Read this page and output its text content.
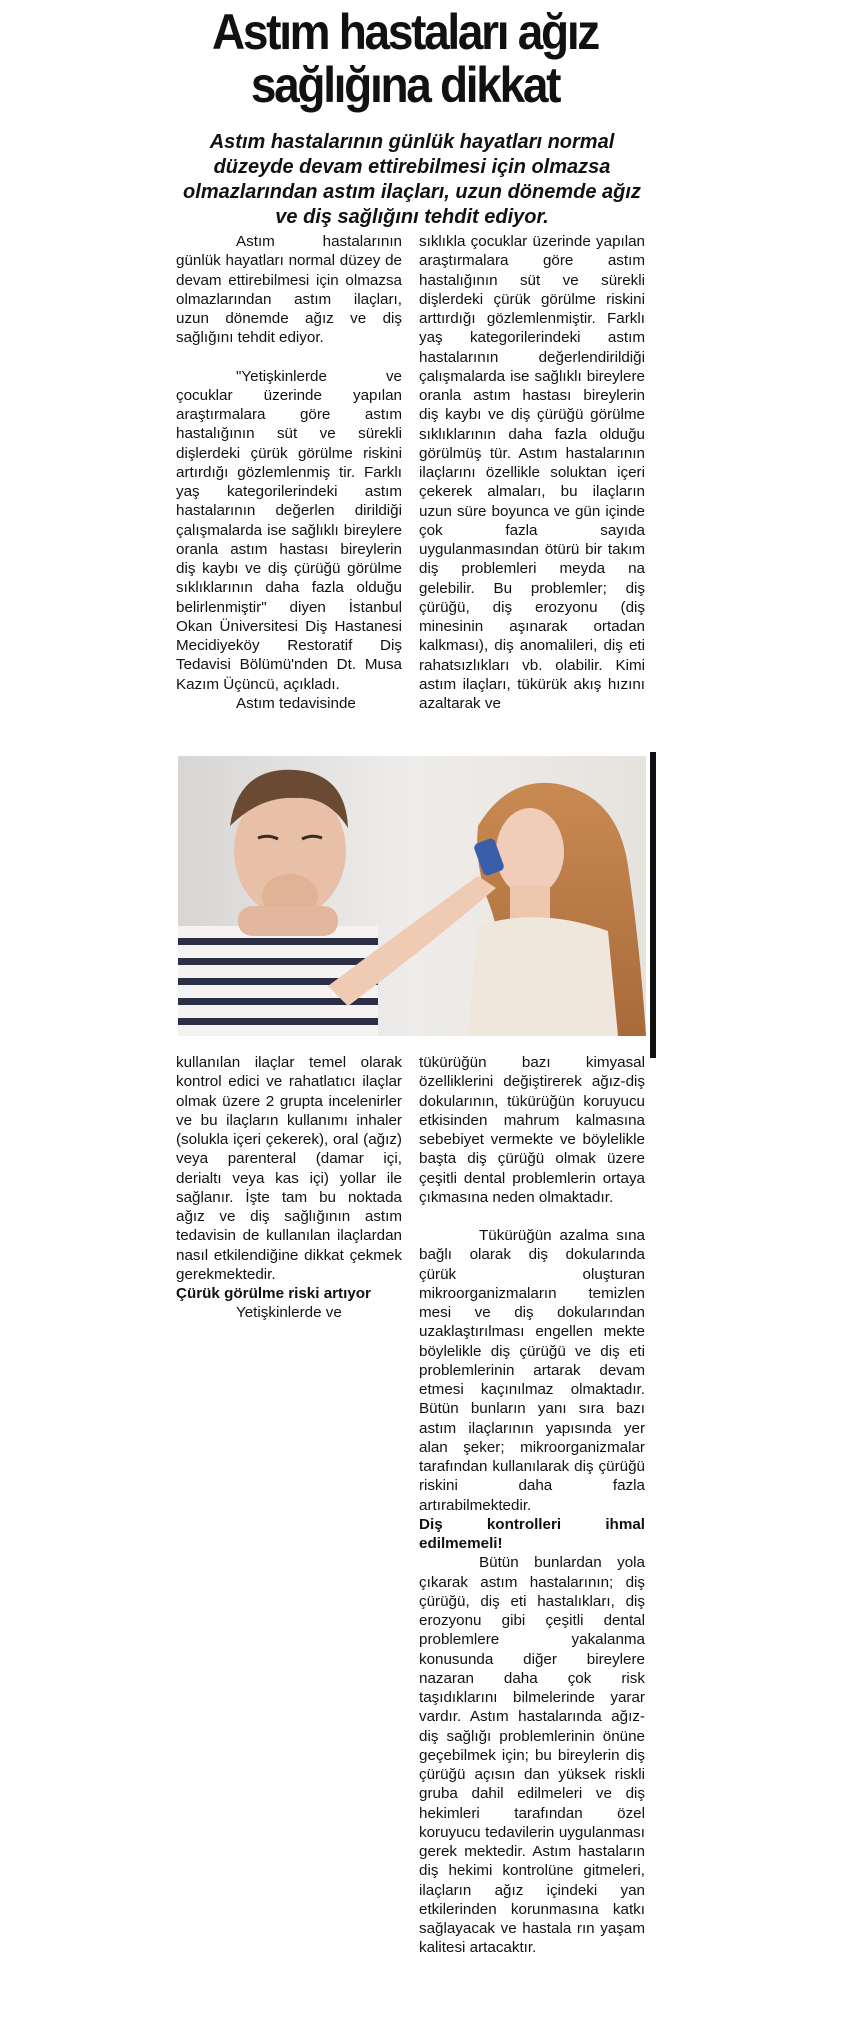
Astım hastaları ağız sağlığına dikkat
Astım hastalarının günlük hayatları normal düzeyde devam ettirebilmesi için olmazsa olmazlarından astım ilaçları, uzun dönemde ağız ve diş sağlığını tehdit ediyor.

Astım hastalarının günlük hayatları normal düzey de devam ettirebilmesi için olmazsa olmazlarından astım ilaçları, uzun dönemde ağız ve diş sağlığını tehdit ediyor.

"Yetişkinlerde ve çocuklar üzerinde yapılan araştırmalara göre astım hastalığının süt ve sürekli dişlerdeki çürük görülme riskini artırdığı gözlemlenmiş tir. Farklı yaş kategorilerindeki astım hastalarının değerlen dirildiği çalışmalarda ise sağlıklı bireylere oranla astım hastası bireylerin diş kaybı ve diş çürüğü görülme sıklıklarının daha fazla olduğu belirlenmiştir" diyen İstanbul Okan Üniversitesi Diş Hastanesi Mecidiyeköy Restoratif Diş Tedavisi Bölümü'nden Dt. Musa Kazım Üçüncü, açıkladı.

Astım tedavisinde

sıklıkla çocuklar üzerinde yapılan araştırmalara göre astım hastalığının süt ve sürekli dişlerdeki çürük görülme riskini arttırdığı gözlemlenmiştir. Farklı yaş kategorilerindeki astım hastalarının değerlendirildiği çalışmalarda ise sağlıklı bireylere oranla astım hastası bireylerin diş kaybı ve diş çürüğü görülme sıklıklarının daha fazla olduğu görülmüş tür. Astım hastalarının ilaçlarını özellikle soluktan içeri çekerek almaları, bu ilaçların uzun süre boyunca ve gün içinde çok fazla sayıda uygulanmasından ötürü bir takım diş problemleri meyda na gelebilir. Bu problemler; diş çürüğü, diş erozyonu (diş minesinin aşınarak ortadan kalkması), diş anomalileri, diş eti rahatsızlıkları vb. olabilir. Kimi astım ilaçları, tükürük akış hızını azaltarak ve

kullanılan ilaçlar temel olarak kontrol edici ve rahatlatıcı ilaçlar olmak üzere 2 grupta incelenirler ve bu ilaçların kullanımı inhaler (solukla içeri çekerek), oral (ağız) veya parenteral (damar içi, derialtı veya kas içi) yollar ile sağlanır. İşte tam bu noktada ağız ve diş sağlığının astım tedavisin de kullanılan ilaçlardan nasıl etkilendiğine dikkat çekmek gerekmektedir.

Çürük görülme riski artıyor

Yetişkinlerde ve

tükürüğün bazı kimyasal özelliklerini değiştirerek ağız-diş dokularının, tükürüğün koruyucu etkisinden mahrum kalmasına sebebiyet vermekte ve böylelikle başta diş çürüğü olmak üzere çeşitli dental problemlerin ortaya çıkmasına neden olmaktadır.

Tükürüğün azalma sına bağlı olarak diş dokularında çürük oluşturan mikroorganizmaların temizlen mesi ve diş dokularından uzaklaştırılması engellen mekte böylelikle diş çürüğü ve diş eti problemlerinin artarak devam etmesi kaçınılmaz olmaktadır. Bütün bunların yanı sıra bazı astım ilaçlarının yapısında yer alan şeker; mikroorganizmalar tarafından kullanılarak diş çürüğü riskini daha fazla artırabilmektedir.

Diş kontrolleri ihmal edilmemeli!

Bütün bunlardan yola çıkarak astım hastalarının; diş çürüğü, diş eti hastalıkları, diş erozyonu gibi çeşitli dental problemlere yakalanma konusunda diğer bireylere nazaran daha çok risk taşıdıklarını bilmelerinde yarar vardır. Astım hastalarında ağız-diş sağlığı problemlerinin önüne geçebilmek için; bu bireylerin diş çürüğü açısın dan yüksek riskli gruba dahil edilmeleri ve diş hekimleri tarafından özel koruyucu tedavilerin uygulanması gerek mektedir. Astım hastaların diş hekimi kontrolüne gitmeleri, ilaçların ağız içindeki yan etkilerinden korunmasına katkı sağlayacak ve hastala rın yaşam kalitesi artacaktır.
